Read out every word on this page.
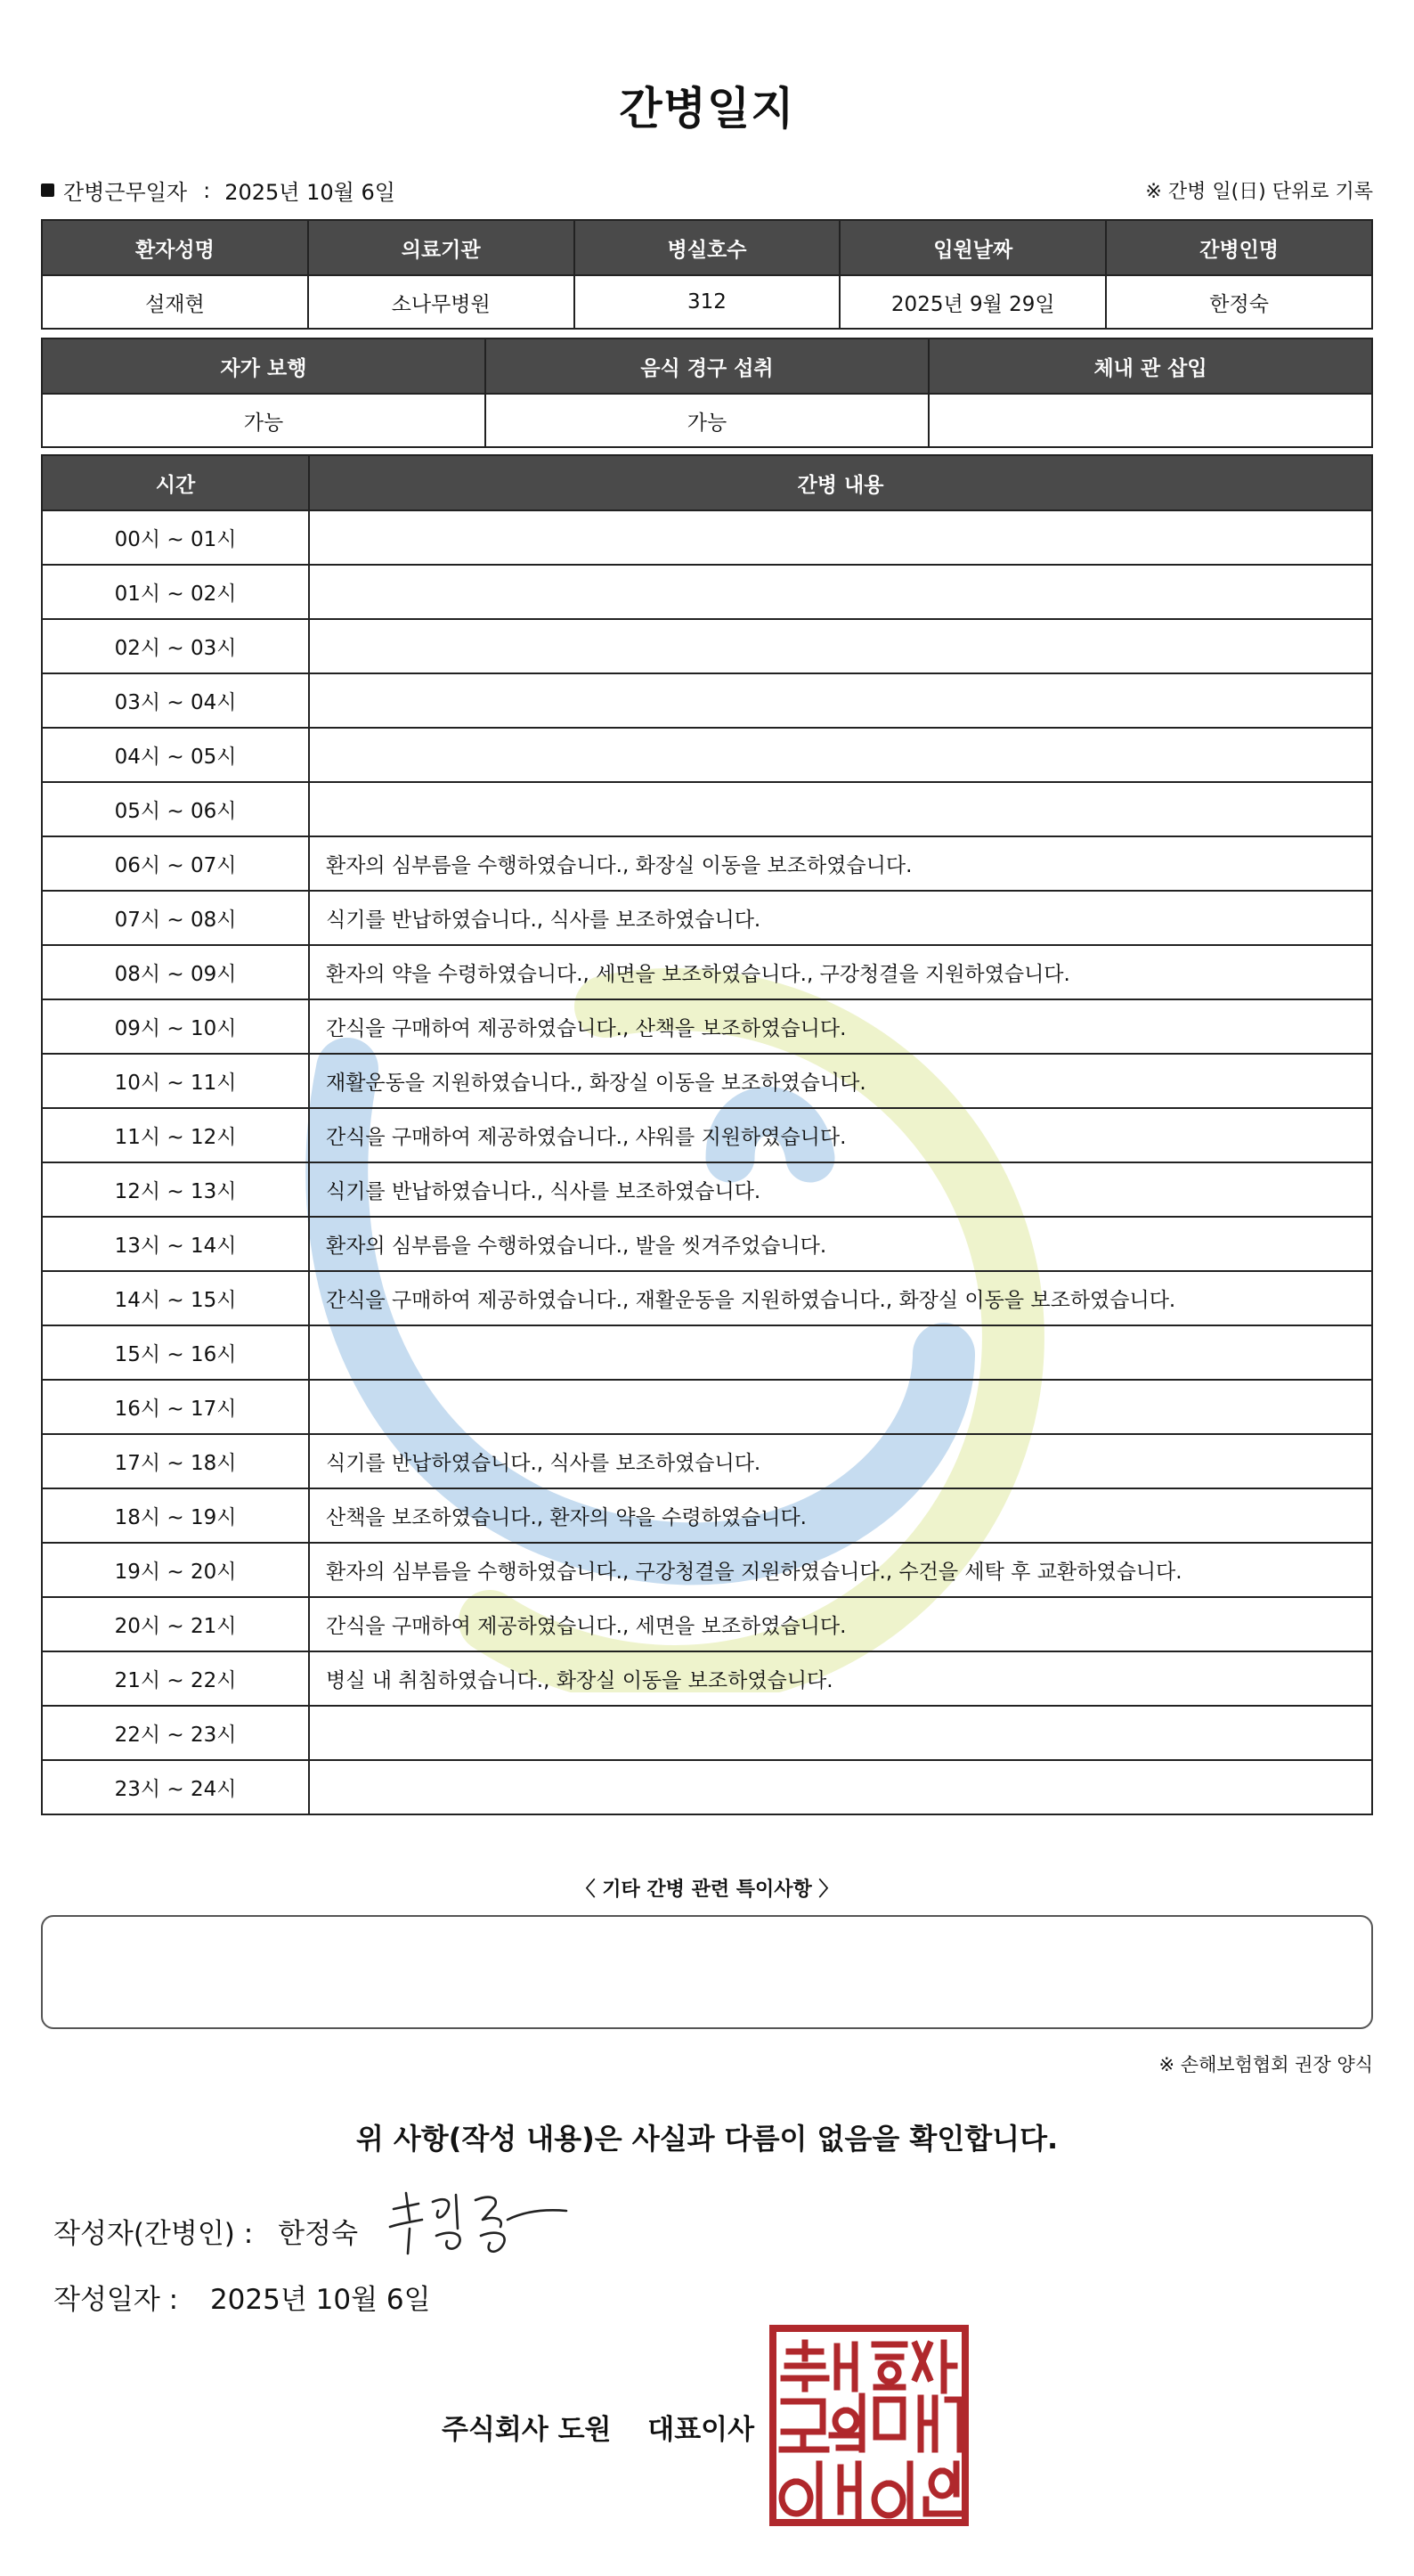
간병일지
간병근무일자 : 2025년 10월 6일	※ 간병 일(日) 단위로 기록
환자성명	의료기관	병실호수	입원날짜	간병인명
설재현	소나무병원	312	2025년 9월 29일	한정숙
자가 보행	음식 경구 섭취	체내 관 삽입
가능	가능	
시간	간병 내용
00시 ~ 01시	
01시 ~ 02시	
02시 ~ 03시	
03시 ~ 04시	
04시 ~ 05시	
05시 ~ 06시	
06시 ~ 07시	환자의 심부름을 수행하였습니다., 화장실 이동을 보조하였습니다.
07시 ~ 08시	식기를 반납하였습니다., 식사를 보조하였습니다.
08시 ~ 09시	환자의 약을 수령하였습니다., 세면을 보조하였습니다., 구강청결을 지원하였습니다.
09시 ~ 10시	간식을 구매하여 제공하였습니다., 산책을 보조하였습니다.
10시 ~ 11시	재활운동을 지원하였습니다., 화장실 이동을 보조하였습니다.
11시 ~ 12시	간식을 구매하여 제공하였습니다., 샤워를 지원하였습니다.
12시 ~ 13시	식기를 반납하였습니다., 식사를 보조하였습니다.
13시 ~ 14시	환자의 심부름을 수행하였습니다., 발을 씻겨주었습니다.
14시 ~ 15시	간식을 구매하여 제공하였습니다., 재활운동을 지원하였습니다., 화장실 이동을 보조하였습니다.
15시 ~ 16시	
16시 ~ 17시	
17시 ~ 18시	식기를 반납하였습니다., 식사를 보조하였습니다.
18시 ~ 19시	산책을 보조하였습니다., 환자의 약을 수령하였습니다.
19시 ~ 20시	환자의 심부름을 수행하였습니다., 구강청결을 지원하였습니다., 수건을 세탁 후 교환하였습니다.
20시 ~ 21시	간식을 구매하여 제공하였습니다., 세면을 보조하였습니다.
21시 ~ 22시	병실 내 취침하였습니다., 화장실 이동을 보조하였습니다.
22시 ~ 23시	
23시 ~ 24시	
〈 기타 간병 관련 특이사항 〉
※ 손해보험협회 권장 양식
위 사항(작성 내용)은 사실과 다름이 없음을 확인합니다.
작성자(간병인) : 한정숙
작성일자 : 2025년 10월 6일
주식회사 도원 대표이사
